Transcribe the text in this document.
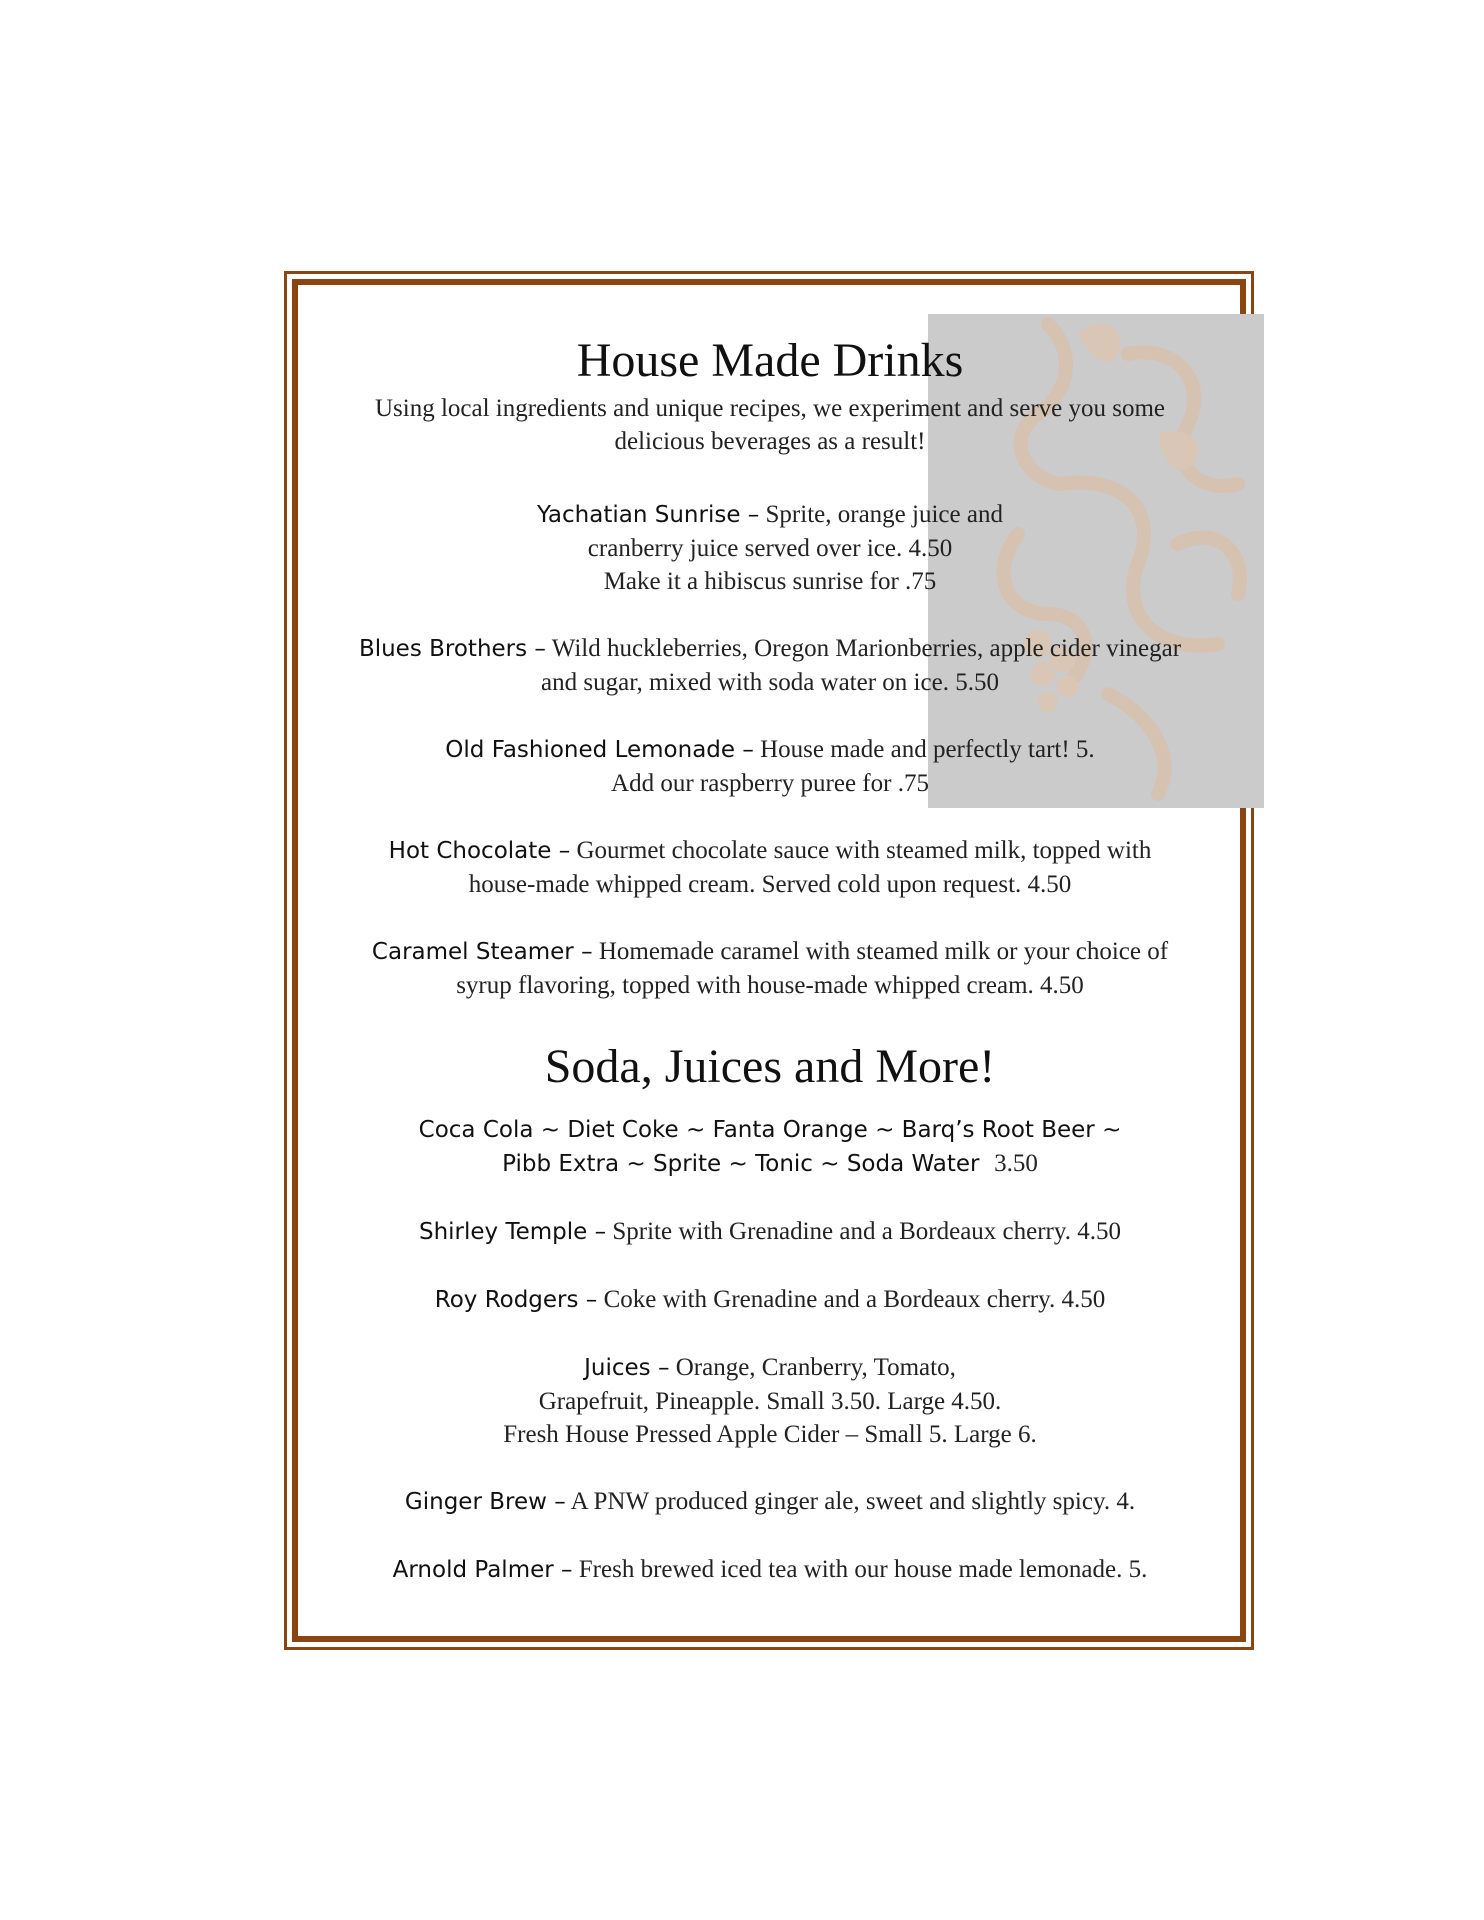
House Made Drinks

Using local ingredients and unique recipes, we experiment and serve you some
delicious beverages as a result!

Yachatian Sunrise – Sprite, orange juice and
cranberry juice served over ice. 4.50
Make it a hibiscus sunrise for .75
Blues Brothers – Wild huckleberries, Oregon Marionberries, apple cider vinegar
and sugar, mixed with soda water on ice. 5.50
Old Fashioned Lemonade – House made and perfectly tart! 5.
Add our raspberry puree for .75
Hot Chocolate – Gourmet chocolate sauce with steamed milk, topped with
house-made whipped cream. Served cold upon request. 4.50
Caramel Steamer – Homemade caramel with steamed milk or your choice of
syrup flavoring, topped with house-made whipped cream. 4.50
Soda, Juices and More!
Coca Cola ~ Diet Coke ~ Fanta Orange ~ Barq’s Root Beer ~
Pibb Extra ~ Sprite ~ Tonic ~ Soda Water 3.50
Shirley Temple – Sprite with Grenadine and a Bordeaux cherry. 4.50
Roy Rodgers – Coke with Grenadine and a Bordeaux cherry. 4.50
Juices – Orange, Cranberry, Tomato,
Grapefruit, Pineapple. Small 3.50. Large 4.50.
Fresh House Pressed Apple Cider – Small 5. Large 6.
Ginger Brew – A PNW produced ginger ale, sweet and slightly spicy. 4.
Arnold Palmer – Fresh brewed iced tea with our house made lemonade. 5.
